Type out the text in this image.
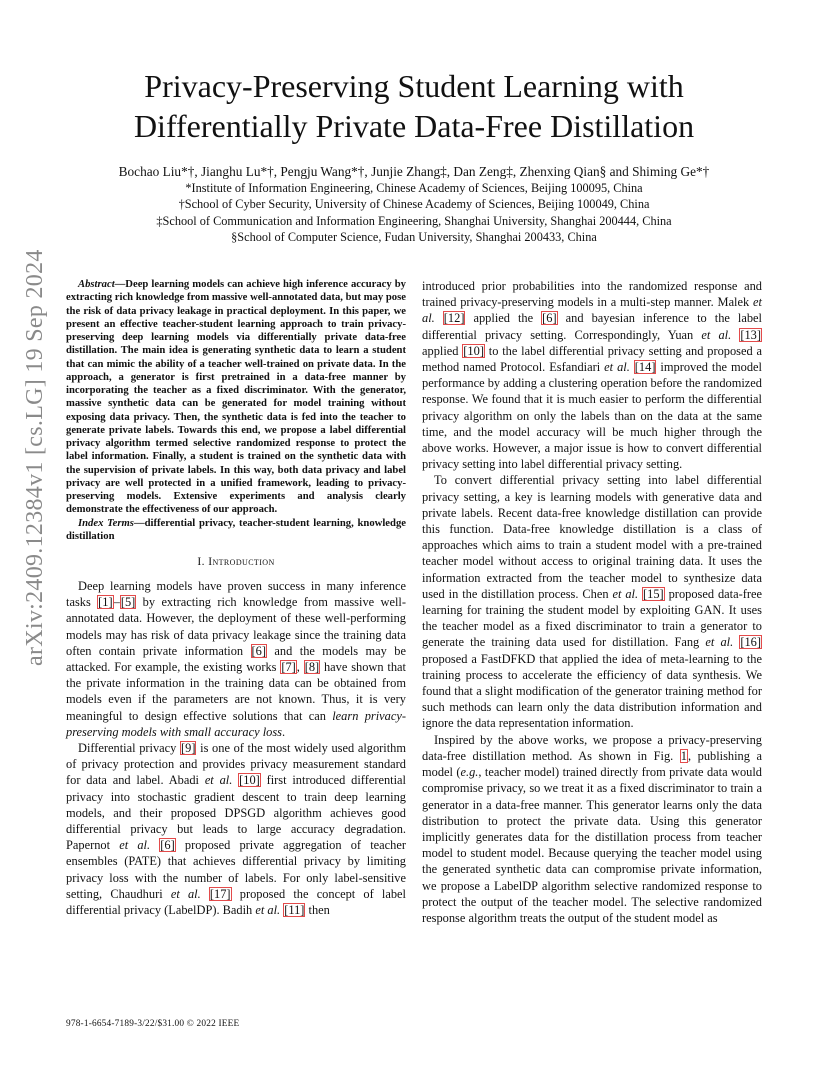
arXiv:2409.12384v1 [cs.LG] 19 Sep 2024
Privacy-Preserving Student Learning with
Differentially Private Data-Free Distillation
Bochao Liu*†, Jianghu Lu*†, Pengju Wang*†, Junjie Zhang‡, Dan Zeng‡, Zhenxing Qian§ and Shiming Ge*†
*Institute of Information Engineering, Chinese Academy of Sciences, Beijing 100095, China
†School of Cyber Security, University of Chinese Academy of Sciences, Beijing 100049, China
‡School of Communication and Information Engineering, Shanghai University, Shanghai 200444, China
§School of Computer Science, Fudan University, Shanghai 200433, China

Abstract—Deep learning models can achieve high inference accuracy by extracting rich knowledge from massive well-annotated data, but may pose the risk of data privacy leakage in practical deployment. In this paper, we present an effective teacher-student learning approach to train privacy-preserving deep learning models via differentially private data-free distillation. The main idea is generating synthetic data to learn a student that can mimic the ability of a teacher well-trained on private data. In the approach, a generator is first pretrained in a data-free manner by incorporating the teacher as a fixed discriminator. With the generator, massive synthetic data can be generated for model training without exposing data privacy. Then, the synthetic data is fed into the teacher to generate private labels. Towards this end, we propose a label differential privacy algorithm termed selective randomized response to protect the label information. Finally, a student is trained on the synthetic data with the supervision of private labels. In this way, both data privacy and label privacy are well protected in a unified framework, leading to privacy-preserving models. Extensive experiments and analysis clearly demonstrate the effectiveness of our approach.

Index Terms—differential privacy, teacher-student learning, knowledge distillation

I. Introduction

Deep learning models have proven success in many inference tasks [1]–[5] by extracting rich knowledge from massive well-annotated data. However, the deployment of these well-performing models may has risk of data privacy leakage since the training data often contain private information [6] and the models may be attacked. For example, the existing works [7], [8] have shown that the private information in the training data can be obtained from models even if the parameters are not known. Thus, it is very meaningful to design effective solutions that can learn privacy-preserving models with small accuracy loss.

Differential privacy [9] is one of the most widely used algorithm of privacy protection and provides privacy measurement standard for data and label. Abadi et al. [10] first introduced differential privacy into stochastic gradient descent to train deep learning models, and their proposed DPSGD algorithm achieves good differential privacy but leads to large accuracy degradation. Papernot et al. [6] proposed private aggregation of teacher ensembles (PATE) that achieves differential privacy by limiting privacy loss with the number of labels. For only label-sensitive setting, Chaudhuri et al. [17] proposed the concept of label differential privacy (LabelDP). Badih et al. [11] then

introduced prior probabilities into the randomized response and trained privacy-preserving models in a multi-step manner. Malek et al. [12] applied the [6] and bayesian inference to the label differential privacy setting. Correspondingly, Yuan et al. [13] applied [10] to the label differential privacy setting and proposed a method named Protocol. Esfandiari et al. [14] improved the model performance by adding a clustering operation before the randomized response. We found that it is much easier to perform the differential privacy algorithm on only the labels than on the data at the same time, and the model accuracy will be much higher through the above works. However, a major issue is how to convert differential privacy setting into label differential privacy setting.

To convert differential privacy setting into label differential privacy setting, a key is learning models with generative data and private labels. Recent data-free knowledge distillation can provide this function. Data-free knowledge distillation is a class of approaches which aims to train a student model with a pre-trained teacher model without access to original training data. It uses the information extracted from the teacher model to synthesize data used in the distillation process. Chen et al. [15] proposed data-free learning for training the student model by exploiting GAN. It uses the teacher model as a fixed discriminator to train a generator to generate the training data used for distillation. Fang et al. [16] proposed a FastDFKD that applied the idea of meta-learning to the training process to accelerate the efficiency of data synthesis. We found that a slight modification of the generator training method for such methods can learn only the data distribution information and ignore the data representation information.

Inspired by the above works, we propose a privacy-preserving data-free distillation method. As shown in Fig. 1, publishing a model (e.g., teacher model) trained directly from private data would compromise privacy, so we treat it as a fixed discriminator to train a generator in a data-free manner. This generator learns only the data distribution to protect the private data. Using this generator implicitly generates data for the distillation process from teacher model to student model. Because querying the teacher model using the generated synthetic data can compromise private information, we propose a LabelDP algorithm selective randomized response to protect the output of the teacher model. The selective randomized response algorithm treats the output of the student model as

978-1-6654-7189-3/22/$31.00 © 2022 IEEE
